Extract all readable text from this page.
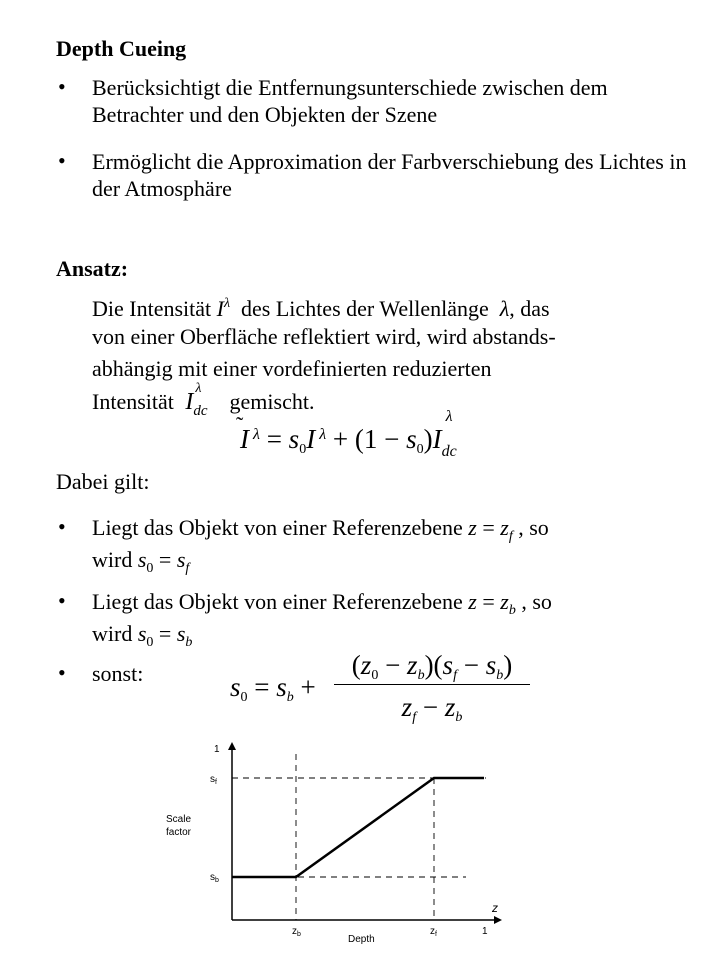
Depth Cueing
• Berücksichtigt die Entfernungsunterschiede zwischen dem Betrachter und den Objekten der Szene
• Ermöglicht die Approximation der Farbverschiebung des Lichtes in der Atmosphäre
Ansatz:
Die Intensität $I^\lambda$ des Lichtes der Wellenlänge  λ, das
von einer Oberfläche reflektiert wird, wird abstands-
abhängig mit einer vordefinierten reduzierten
Intensität  I
λ
$_{dc}$ gemischt.
I
˜ $^\lambda = s_0I$ $^\lambda + (1 - s_0)I$
λ
$_{dc}$
Dabei gilt:
• Liegt das Objekt von einer Referenzebene $z = z_f$ , so
wird $s_0 = s_f$
• Liegt das Objekt von einer Referenzebene $z = z_b$ , so
wird $s_0 = s_b$
• sonst:	$s_0 = s_b$ +
$(z_0 - z_b)(s_f - s_b)$
$z_f - z_b$
1
$s_f$
$s_b$
Scale
factor
$z_b$	$z_f$	1
z
Depth
